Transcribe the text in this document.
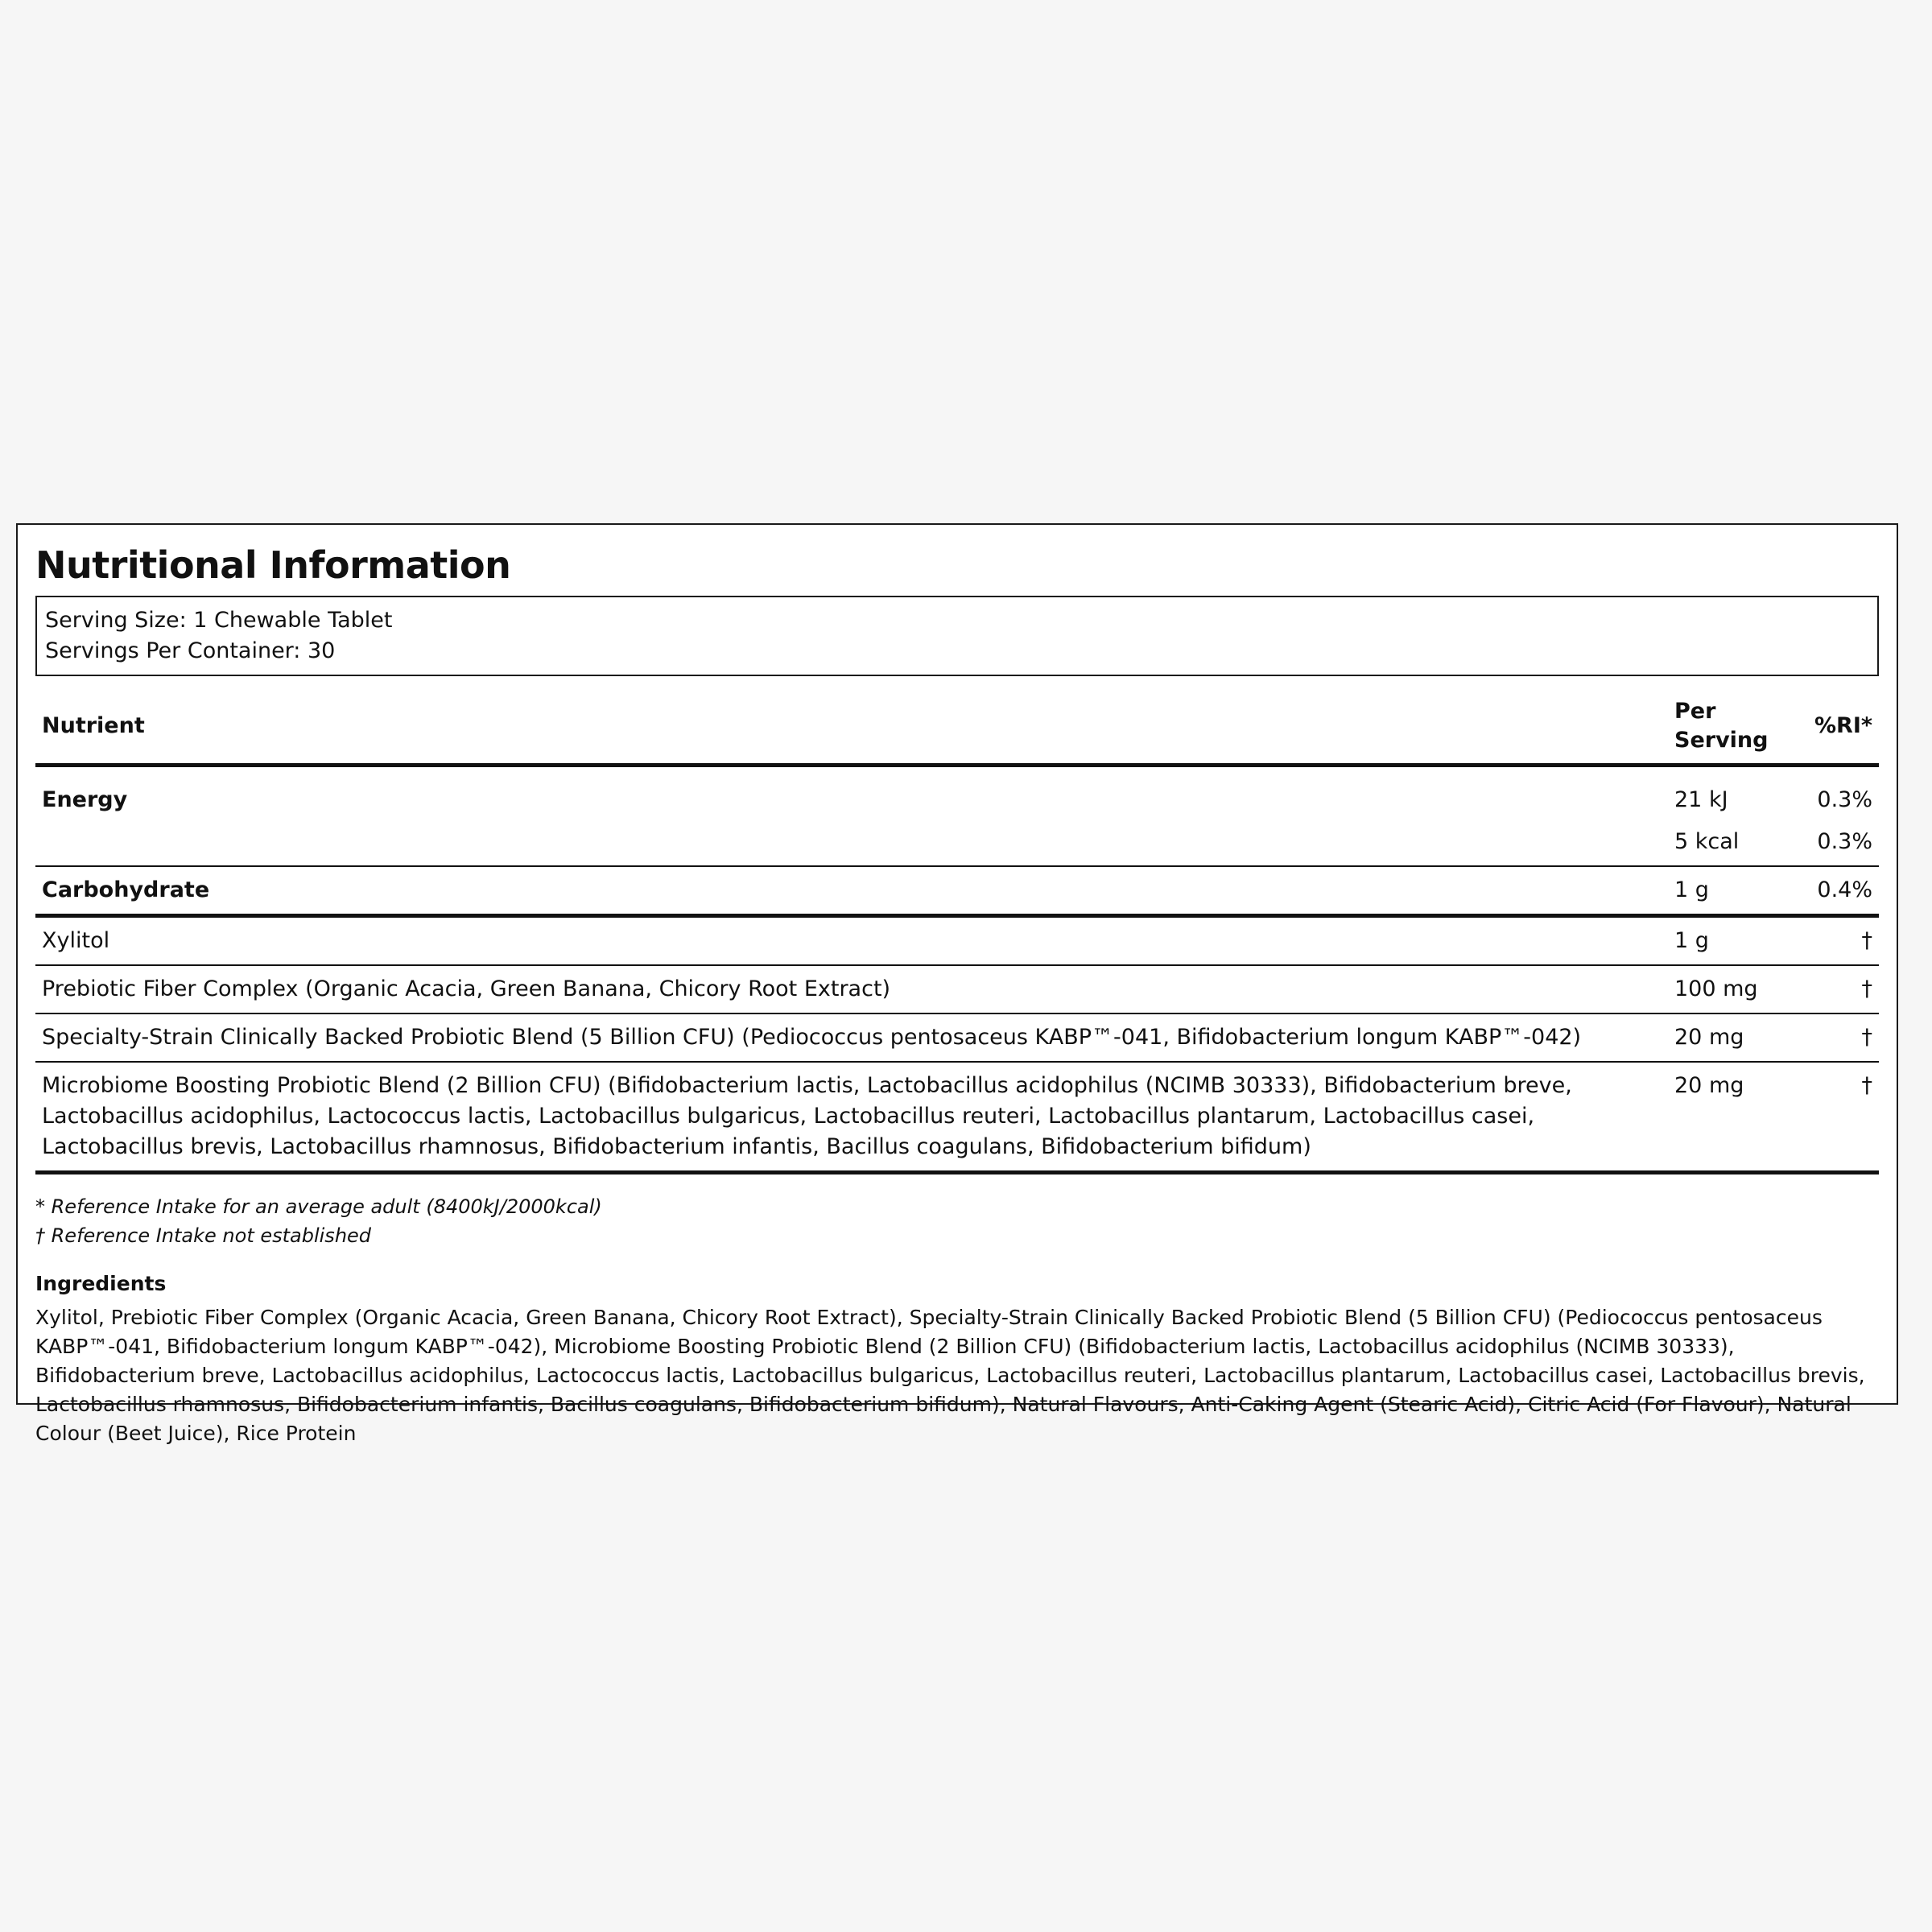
Nutritional Information
Serving Size: 1 Chewable Tablet
Servings Per Container: 30
Nutrient	Per Serving	%RI*
Energy	21 kJ	0.3%
	5 kcal	0.3%
Carbohydrate	1 g	0.4%
Xylitol	1 g	†
Prebiotic Fiber Complex (Organic Acacia, Green Banana, Chicory Root Extract)	100 mg	†
Specialty-Strain Clinically Backed Probiotic Blend (5 Billion CFU) (Pediococcus pentosaceus KABP™-041, Bifidobacterium longum KABP™-042)	20 mg	†
Microbiome Boosting Probiotic Blend (2 Billion CFU) (Bifidobacterium lactis, Lactobacillus acidophilus (NCIMB 30333), Bifidobacterium breve, Lactobacillus acidophilus, Lactococcus lactis, Lactobacillus bulgaricus, Lactobacillus reuteri, Lactobacillus plantarum, Lactobacillus casei, Lactobacillus brevis, Lactobacillus rhamnosus, Bifidobacterium infantis, Bacillus coagulans, Bifidobacterium bifidum)	20 mg	†
* Reference Intake for an average adult (8400kJ/2000kcal)
† Reference Intake not established
Ingredients
Xylitol, Prebiotic Fiber Complex (Organic Acacia, Green Banana, Chicory Root Extract), Specialty-Strain Clinically Backed Probiotic Blend (5 Billion CFU) (Pediococcus pentosaceus KABP™-041, Bifidobacterium longum KABP™-042), Microbiome Boosting Probiotic Blend (2 Billion CFU) (Bifidobacterium lactis, Lactobacillus acidophilus (NCIMB 30333), Bifidobacterium breve, Lactobacillus acidophilus, Lactococcus lactis, Lactobacillus bulgaricus, Lactobacillus reuteri, Lactobacillus plantarum, Lactobacillus casei, Lactobacillus brevis, Lactobacillus rhamnosus, Bifidobacterium infantis, Bacillus coagulans, Bifidobacterium bifidum), Natural Flavours, Anti-Caking Agent (Stearic Acid), Citric Acid (For Flavour), Natural Colour (Beet Juice), Rice Protein
